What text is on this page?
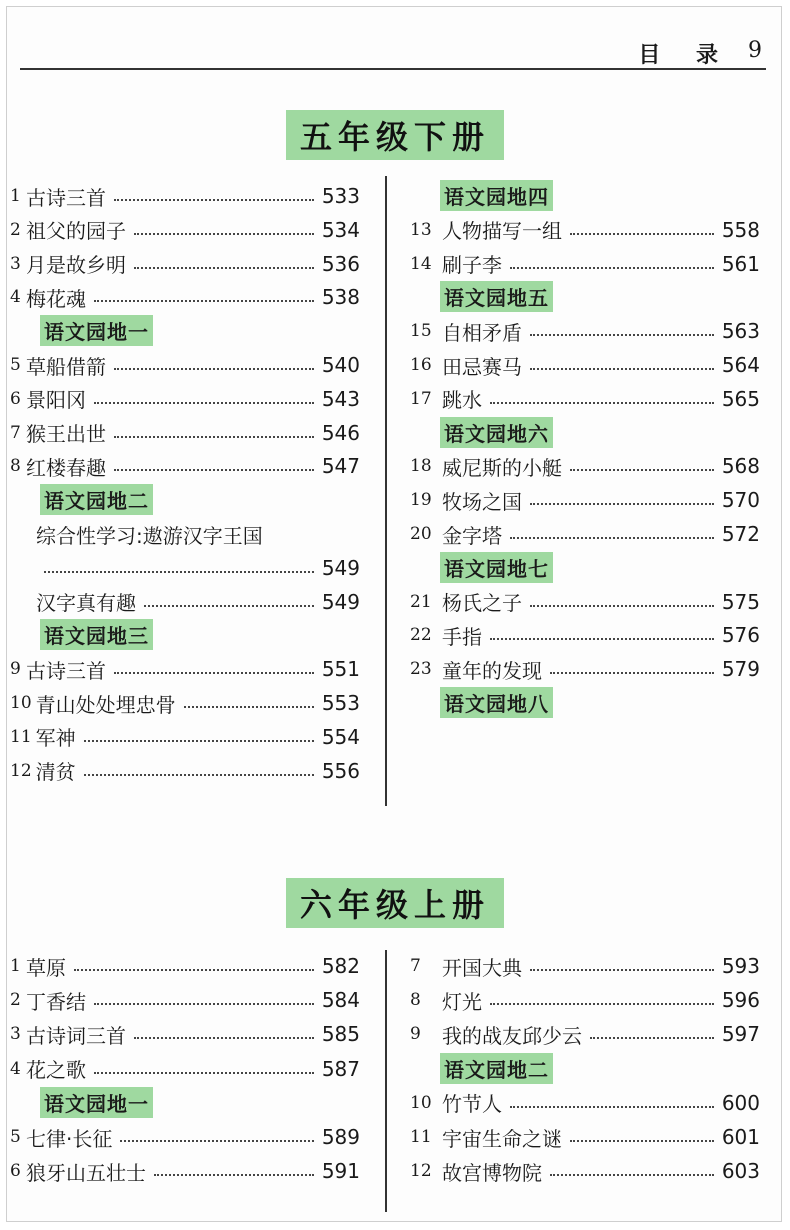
目 录 9
五年级下册
1 古诗三首	533
2 祖父的园子	534
3 月是故乡明	536
4 梅花魂	538
语文园地一
5 草船借箭	540
6 景阳冈	543
7 猴王出世	546
8 红楼春趣	547
语文园地二
综合性学习:遨游汉字王国
549
汉字真有趣	549
语文园地三
9 古诗三首	551
10 青山处处埋忠骨	553
11 军神	554
12 清贫	556
语文园地四
13 人物描写一组	558
14 刷子李	561
语文园地五
15 自相矛盾	563
16 田忌赛马	564
17 跳水	565
语文园地六
18 威尼斯的小艇	568
19 牧场之国	570
20 金字塔	572
语文园地七
21 杨氏之子	575
22 手指	576
23 童年的发现	579
语文园地八
六年级上册
1 草原	582
2 丁香结	584
3 古诗词三首	585
4 花之歌	587
语文园地一
5 七律·长征	589
6 狼牙山五壮士	591
7	开国大典	593
8	灯光	596
9	我的战友邱少云	597
语文园地二
10 竹节人	600
11 宇宙生命之谜	601
12 故宫博物院	603
